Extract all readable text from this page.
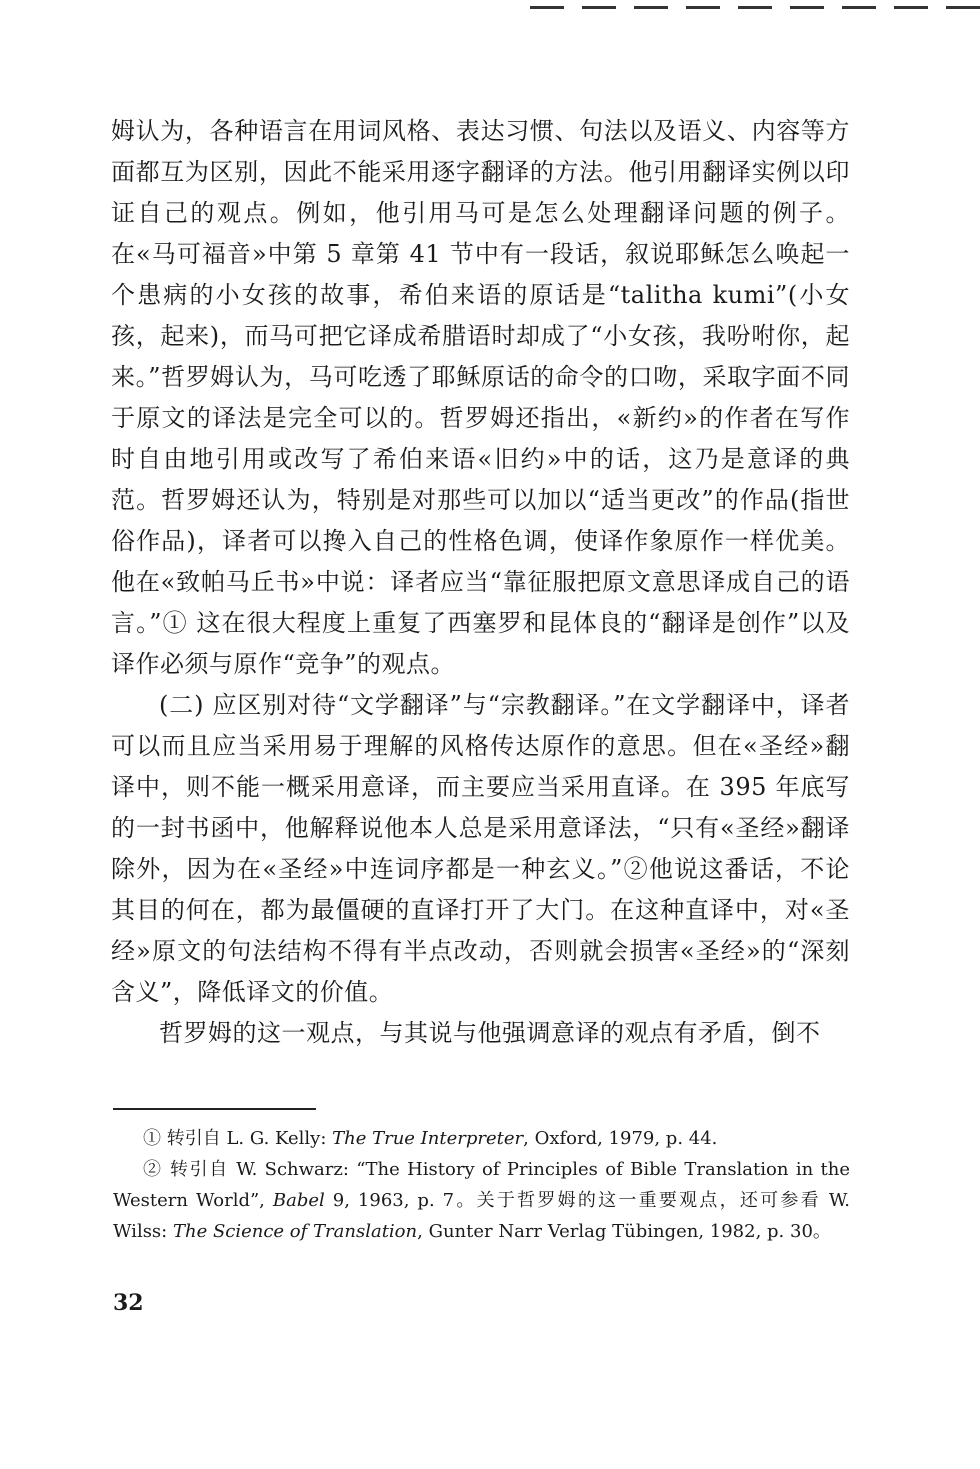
姆认为，各种语言在用词风格、表达习惯、句法以及语义、内容等方面都互为区别，因此不能采用逐字翻译的方法。他引用翻译实例以印证自己的观点。例如，他引用马可是怎么处理翻译问题的例子。在«马可福音»中第 5 章第 41 节中有一段话，叙说耶稣怎么唤起一个患病的小女孩的故事，希伯来语的原话是“talitha kumi”(小女孩，起来)，而马可把它译成希腊语时却成了“小女孩，我吩咐你，起来。”哲罗姆认为，马可吃透了耶稣原话的命令的口吻，采取字面不同于原文的译法是完全可以的。哲罗姆还指出，«新约»的作者在写作时自由地引用或改写了希伯来语«旧约»中的话，这乃是意译的典范。哲罗姆还认为，特别是对那些可以加以“适当更改”的作品(指世俗作品)，译者可以搀入自己的性格色调，使译作象原作一样优美。他在«致帕马丘书»中说：译者应当“靠征服把原文意思译成自己的语言。”① 这在很大程度上重复了西塞罗和昆体良的“翻译是创作”以及译作必须与原作“竞争”的观点。

(二) 应区别对待“文学翻译”与“宗教翻译。”在文学翻译中，译者可以而且应当采用易于理解的风格传达原作的意思。但在«圣经»翻译中，则不能一概采用意译，而主要应当采用直译。在 395 年底写的一封书函中，他解释说他本人总是采用意译法，“只有«圣经»翻译除外，因为在«圣经»中连词序都是一种玄义。”②他说这番话，不论其目的何在，都为最僵硬的直译打开了大门。在这种直译中，对«圣经»原文的句法结构不得有半点改动，否则就会损害«圣经»的“深刻含义”，降低译文的价值。

哲罗姆的这一观点，与其说与他强调意译的观点有矛盾，倒不

① 转引自 L. G. Kelly: The True Interpreter, Oxford, 1979, p. 44.

② 转引自 W. Schwarz: “The History of Principles of Bible Translation in the Western World”, Babel 9, 1963, p. 7。关于哲罗姆的这一重要观点，还可参看 W. Wilss: The Science of Translation, Gunter Narr Verlag Tübingen, 1982, p. 30。

32
